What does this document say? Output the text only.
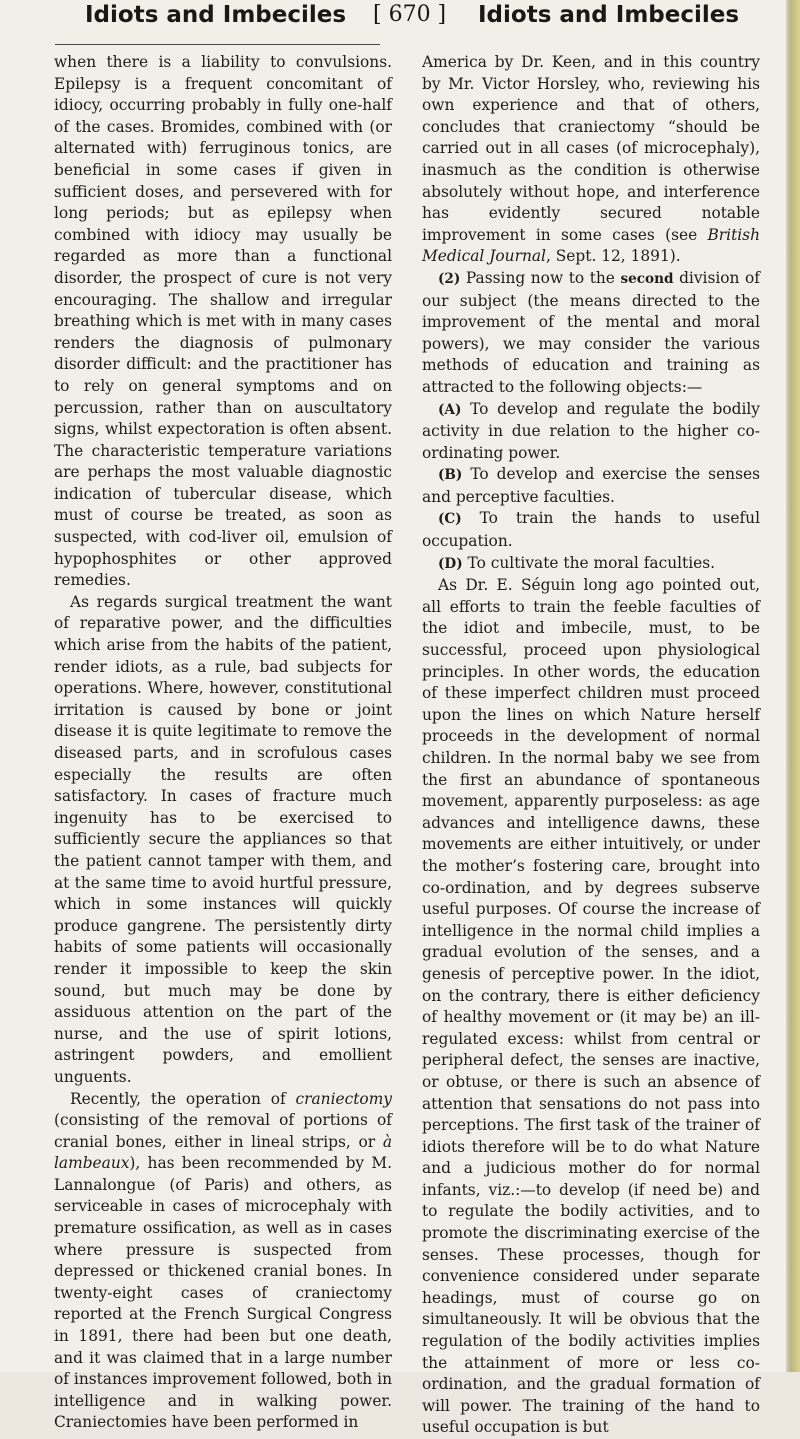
Idiots and Imbeciles [ 670 ] Idiots and Imbeciles

when there is a liability to convulsions. Epilepsy is a frequent concomitant of idiocy, occurring probably in fully one-half of the cases. Bromides, combined with (or alternated with) ferruginous tonics, are beneficial in some cases if given in sufficient doses, and persevered with for long periods; but as epilepsy when combined with idiocy may usually be regarded as more than a functional disorder, the prospect of cure is not very encouraging. The shallow and irregular breathing which is met with in many cases renders the diagnosis of pulmonary disorder difficult: and the practitioner has to rely on general symptoms and on percussion, rather than on auscultatory signs, whilst expectoration is often absent. The characteristic temperature variations are perhaps the most valuable diagnostic indication of tubercular disease, which must of course be treated, as soon as suspected, with cod-liver oil, emulsion of hypophosphites or other approved remedies.

As regards surgical treatment the want of reparative power, and the difficulties which arise from the habits of the patient, render idiots, as a rule, bad subjects for operations. Where, however, constitutional irritation is caused by bone or joint disease it is quite legitimate to remove the diseased parts, and in scrofulous cases especially the results are often satisfactory. In cases of fracture much ingenuity has to be exercised to sufficiently secure the appliances so that the patient cannot tamper with them, and at the same time to avoid hurtful pressure, which in some instances will quickly produce gangrene. The persistently dirty habits of some patients will occasionally render it impossible to keep the skin sound, but much may be done by assiduous attention on the part of the nurse, and the use of spirit lotions, astringent powders, and emollient unguents.

Recently, the operation of craniectomy (consisting of the removal of portions of cranial bones, either in lineal strips, or à lambeaux), has been recommended by M. Lannalongue (of Paris) and others, as serviceable in cases of microcephaly with premature ossification, as well as in cases where pressure is suspected from depressed or thickened cranial bones. In twenty-eight cases of craniectomy reported at the French Surgical Congress in 1891, there had been but one death, and it was claimed that in a large number of instances improvement followed, both in intelligence and in walking power. Craniectomies have been performed in

America by Dr. Keen, and in this country by Mr. Victor Horsley, who, reviewing his own experience and that of others, concludes that craniectomy “should be carried out in all cases (of microcephaly), inasmuch as the condition is otherwise absolutely without hope, and interference has evidently secured notable improvement in some cases (see British Medical Journal, Sept. 12, 1891).

(2) Passing now to the second division of our subject (the means directed to the improvement of the mental and moral powers), we may consider the various methods of education and training as attracted to the following objects:—

(A) To develop and regulate the bodily activity in due relation to the higher co-ordinating power.

(B) To develop and exercise the senses and perceptive faculties.

(C) To train the hands to useful occupation.

(D) To cultivate the moral faculties.

As Dr. E. Séguin long ago pointed out, all efforts to train the feeble faculties of the idiot and imbecile, must, to be successful, proceed upon physiological principles. In other words, the education of these imperfect children must proceed upon the lines on which Nature herself proceeds in the development of normal children. In the normal baby we see from the first an abundance of spontaneous movement, apparently purposeless: as age advances and intelligence dawns, these movements are either intuitively, or under the mother’s fostering care, brought into co-ordination, and by degrees subserve useful purposes. Of course the increase of intelligence in the normal child implies a gradual evolution of the senses, and a genesis of perceptive power. In the idiot, on the contrary, there is either deficiency of healthy movement or (it may be) an ill-regulated excess: whilst from central or peripheral defect, the senses are inactive, or obtuse, or there is such an absence of attention that sensations do not pass into perceptions. The first task of the trainer of idiots therefore will be to do what Nature and a judicious mother do for normal infants, viz.:—to develop (if need be) and to regulate the bodily activities, and to promote the discriminating exercise of the senses. These processes, though for convenience considered under separate headings, must of course go on simultaneously. It will be obvious that the regulation of the bodily activities implies the attainment of more or less co-ordination, and the gradual formation of will power. The training of the hand to useful occupation is but
